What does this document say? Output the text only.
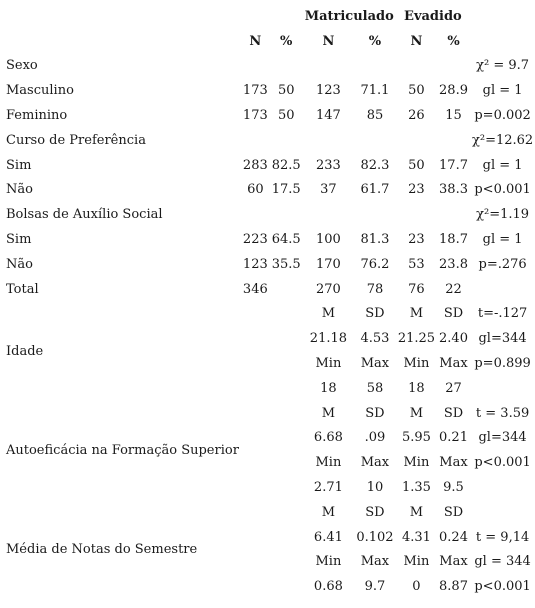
			Matriculado		Evadido		
	N	%	N	%	N	%	
Sexo							χ² = 9.7
Masculino	173	50	123	71.1	50	28.9	gl = 1
Feminino	173	50	147	85	26	15	p=0.002
Curso de Preferência							χ²=12.62
Sim	283	82.5	233	82.3	50	17.7	gl = 1
Não	60	17.5	37	61.7	23	38.3	p<0.001
Bolsas de Auxílio Social							χ²=1.19
Sim	223	64.5	100	81.3	23	18.7	gl = 1
Não	123	35.5	170	76.2	53	23.8	p=.276
Total	346		270	78	76	22	
Idade			M	SD	M	SD	t=-.127
			21.18	4.53	21.25	2.40	gl=344
			Min	Max	Min	Max	p=0.899
			18	58	18	27	
Autoeficácia na Formação Superior			M	SD	M	SD	t = 3.59
			6.68	.09	5.95	0.21	gl=344
			Min	Max	Min	Max	p<0.001
			2.71	10	1.35	9.5	
Média de Notas do Semestre			M	SD	M	SD	
			6.41	0.102	4.31	0.24	t = 9,14
			Min	Max	Min	Max	gl = 344
			0.68	9.7	0	8.87	p<0.001
